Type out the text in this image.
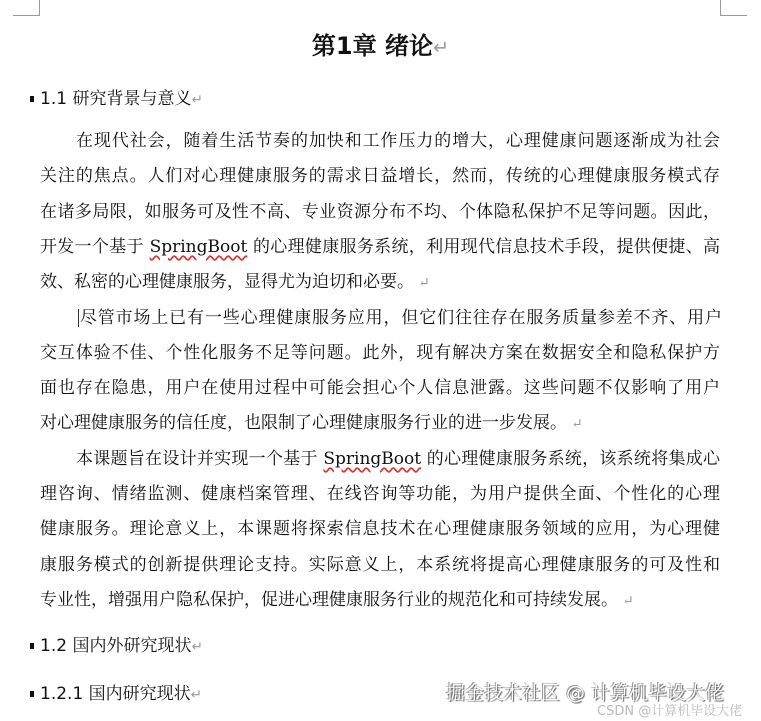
第1章 绪论↵
1.1 研究背景与意义↵
在现代社会，随着生活节奏的加快和工作压力的增大，心理健康问题逐渐成为社会
关注的焦点。人们对心理健康服务的需求日益增长，然而，传统的心理健康服务模式存
在诸多局限，如服务可及性不高、专业资源分布不均、个体隐私保护不足等问题。因此，
开发一个基于 SpringBoot 的心理健康服务系统，利用现代信息技术手段，提供便捷、高
效、私密的心理健康服务，显得尤为迫切和必要。 ↵
尽管市场上已有一些心理健康服务应用，但它们往往存在服务质量参差不齐、用户
交互体验不佳、个性化服务不足等问题。此外，现有解决方案在数据安全和隐私保护方
面也存在隐患，用户在使用过程中可能会担心个人信息泄露。这些问题不仅影响了用户
对心理健康服务的信任度，也限制了心理健康服务行业的进一步发展。 ↵
本课题旨在设计并实现一个基于 SpringBoot 的心理健康服务系统，该系统将集成心
理咨询、情绪监测、健康档案管理、在线咨询等功能，为用户提供全面、个性化的心理
健康服务。理论意义上，本课题将探索信息技术在心理健康服务领域的应用，为心理健
康服务模式的创新提供理论支持。实际意义上，本系统将提高心理健康服务的可及性和
专业性，增强用户隐私保护，促进心理健康服务行业的规范化和可持续发展。 ↵
1.2 国内外研究现状↵
1.2.1 国内研究现状↵	掘金技术社区 @ 计算机毕设大佬
CSDN @计算机毕设大佬
